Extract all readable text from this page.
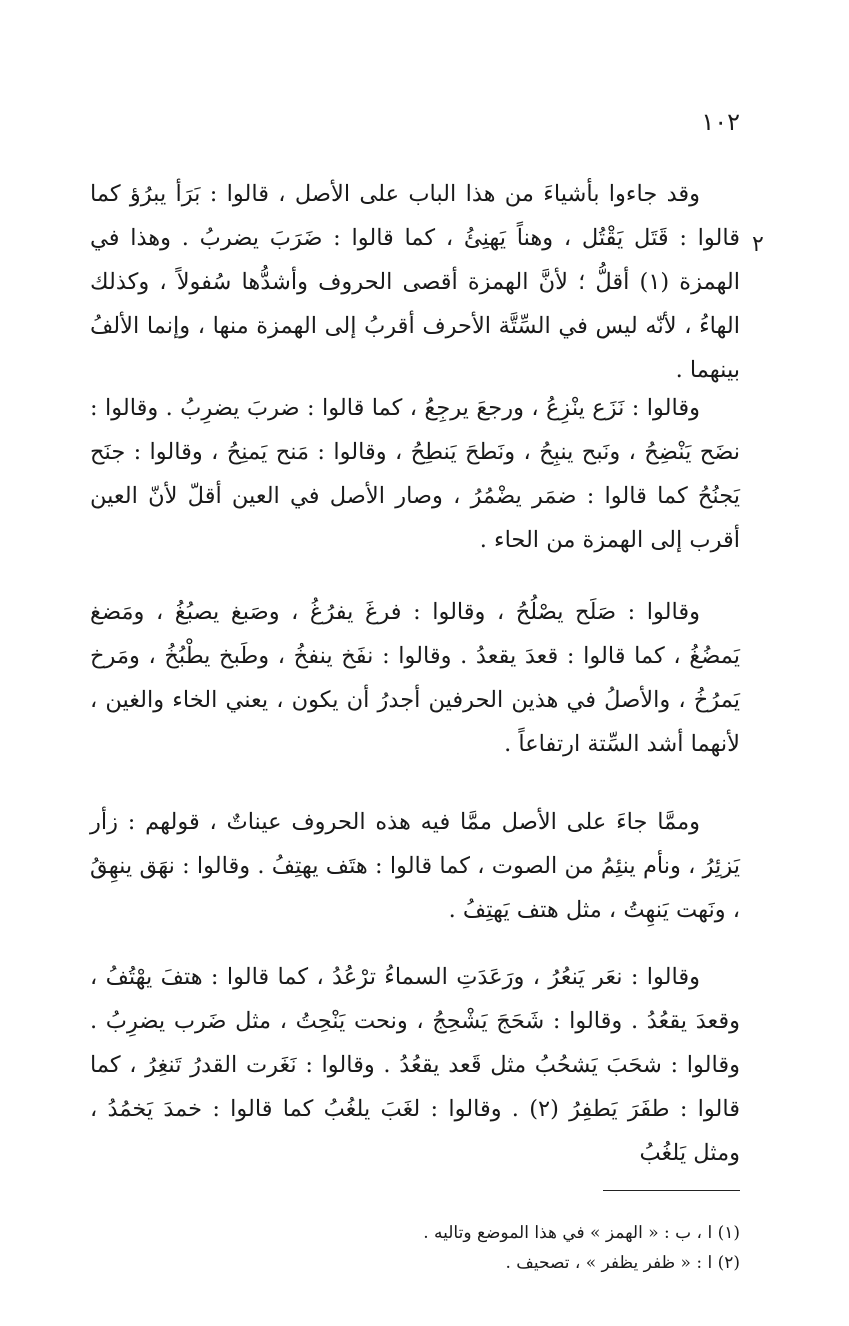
١٠٢
٢

وقد جاءوا بأشياءَ من هذا الباب على الأصل ، قالوا : بَرَأ يبرُؤ كما قالوا : قَتَل يَقْتُل ، وهناً يَهنِئُ ، كما قالوا : ضَرَبَ يضربُ . وهذا في الهمزة (١) أقلُّ ؛ لأنَّ الهمزة أقصى الحروف وأشدُّها سُفولاً ، وكذلك الهاءُ ، لأنّه ليس في السِّتَّة الأحرف أقربُ إلى الهمزة منها ، وإنما الألفُ بينهما .

وقالوا : نَزَع ينْزِعُ ، ورجعَ يرجِعُ ، كما قالوا : ضربَ يضرِبُ . وقالوا : نضَح يَنْضِحُ ، ونَبح ينبِحُ ، ونَطحَ يَنطِحُ ، وقالوا : مَنح يَمنِحُ ، وقالوا : جنَح يَجنُحُ كما قالوا : ضمَر يضْمُرُ ، وصار الأصل في العين أقلّ لأنّ العين أقرب إلى الهمزة من الحاء .

وقالوا : صَلَح يصْلُحُ ، وقالوا : فرغَ يفرُغُ ، وصَبغ يصبُغُ ، ومَضغ يَمضُغُ ، كما قالوا : قعدَ يقعدُ . وقالوا : نفَخ ينفخُ ، وطَبخ يطْبُخُ ، ومَرخ يَمرُخُ ، والأصلُ في هذين الحرفين أجدرُ أن يكون ، يعني الخاء والغين ، لأنهما أشد السِّتة ارتفاعاً .

وممَّا جاءَ على الأصل ممَّا فيه هذه الحروف عيناتٌ ، قولهم : زأر يَزئِرُ ، ونأم ينئِمُ من الصوت ، كما قالوا : هتَف يهتِفُ . وقالوا : نهَق ينهِقُ ، ونَهت يَنهِتُ ، مثل هتف يَهتِفُ .

وقالوا : نعَر يَنعُرُ ، ورَعَدَتِ السماءُ ترْعُدُ ، كما قالوا : هتفَ يهْتُفُ ، وقعدَ يقعُدُ . وقالوا : شَحَجَ يَشْحِجُ ، ونحت يَنْحِتُ ، مثل ضَرب يضرِبُ . وقالوا : شحَبَ يَشحُبُ مثل قَعد يقعُدُ . وقالوا : نَغَرت القدرُ تَنغِرُ ، كما قالوا : طفَرَ يَطفِرُ (٢) . وقالوا : لغَبَ يلغُبُ كما قالوا : خمدَ يَخمُدُ ، ومثل يَلغُبُ

(١) ا ، ب : « الهمز » في هذا الموضع وتاليه .
(٢) ا : « ظفر يظفر » ، تصحيف .
